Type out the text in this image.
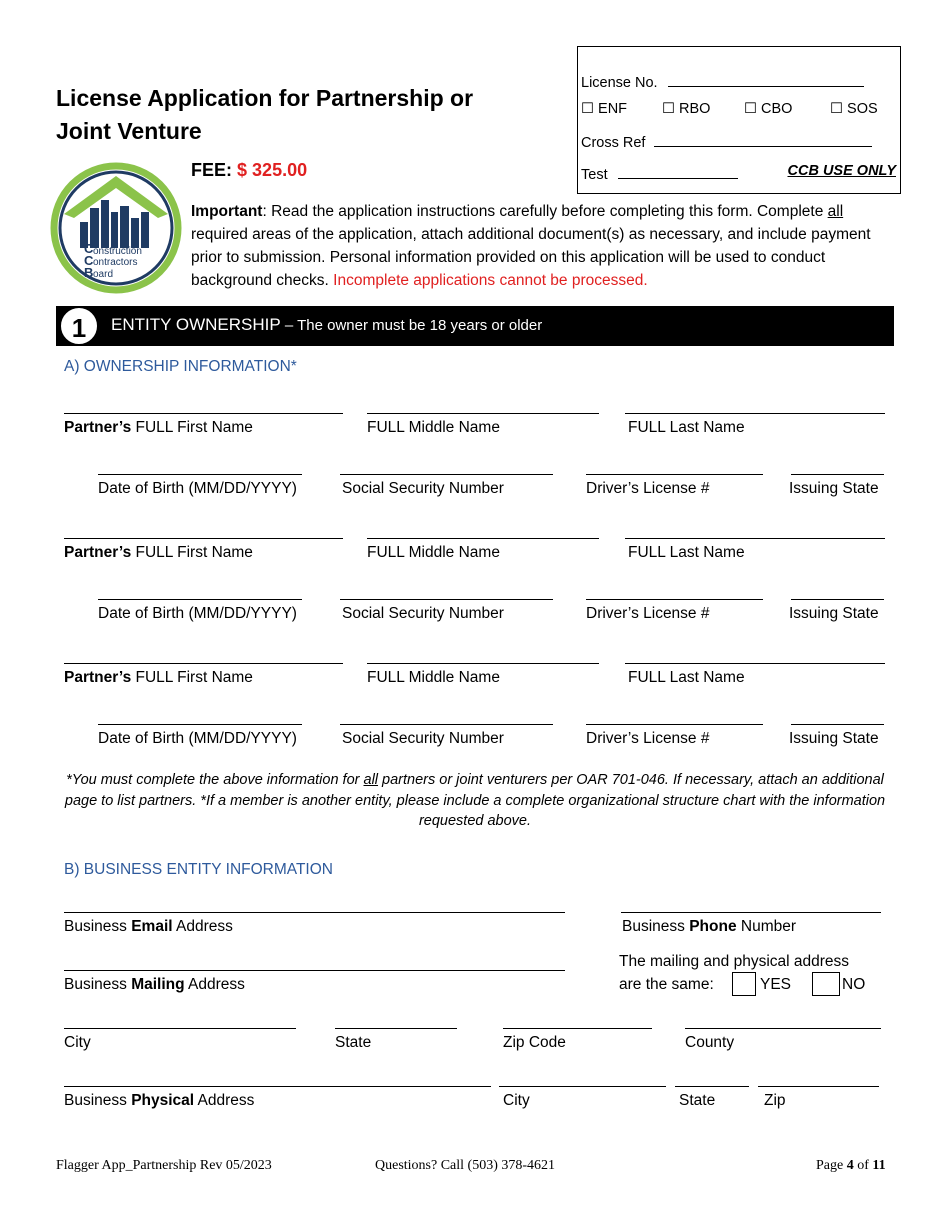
License Application for Partnership or
Joint Venture
License No.
☐ ENF ☐ RBO ☐ CBO	☐ SOS
Cross Ref
Test	CCB USE ONLY
C onstruction
C ontractors
B oard
FEE: $ 325.00
Important: Read the application instructions carefully before completing this form. Complete all required areas of the application, attach additional document(s) as necessary, and include payment prior to submission. Personal information provided on this application will be used to conduct background checks. Incomplete applications cannot be processed.
1	ENTITY OWNERSHIP – The owner must be 18 years or older
A) OWNERSHIP INFORMATION*
Partner’s FULL First Name	FULL Middle Name	FULL Last Name
Date of Birth (MM/DD/YYYY)	Social Security Number	Driver’s License #	Issuing State
Partner’s FULL First Name	FULL Middle Name	FULL Last Name
Date of Birth (MM/DD/YYYY)	Social Security Number	Driver’s License #	Issuing State
Partner’s FULL First Name	FULL Middle Name	FULL Last Name
Date of Birth (MM/DD/YYYY)	Social Security Number	Driver’s License #	Issuing State
*You must complete the above information for all partners or joint venturers per OAR 701-046. If necessary, attach an additional page to list partners. *If a member is another entity, please include a complete organizational structure chart with the information requested above.
B) BUSINESS ENTITY INFORMATION
Business Email Address	Business Phone Number
Business Mailing Address
The mailing and physical address
are the same:	YES	NO
City	State	Zip Code	County
Business Physical Address	City	State	Zip
Flagger App_Partnership Rev 05/2023	Questions? Call (503) 378-4621	Page 4 of 11
